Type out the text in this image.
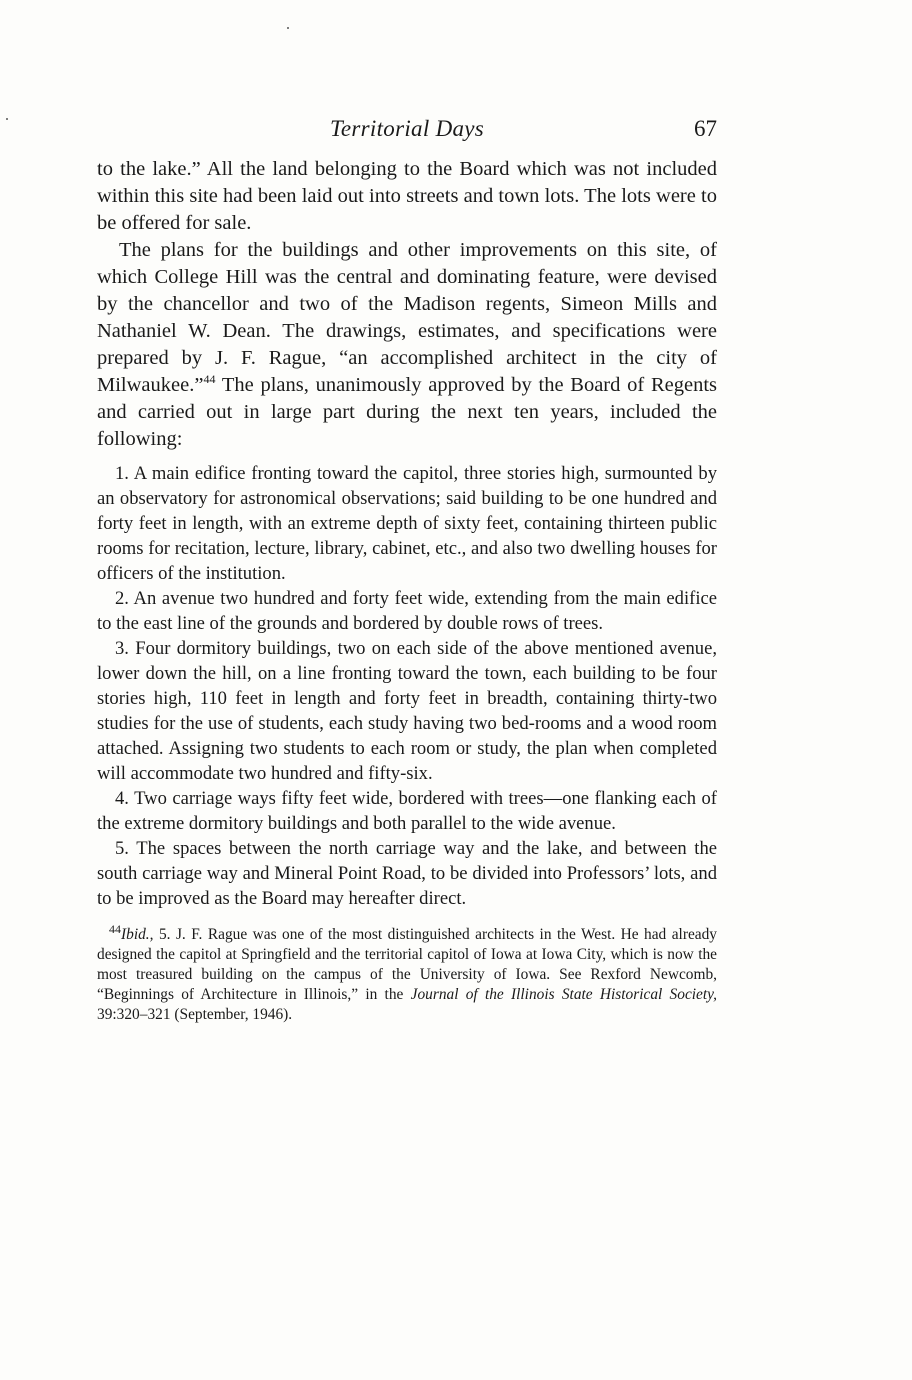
Territorial Days	67

to the lake.” All the land belonging to the Board which was not included within this site had been laid out into streets and town lots. The lots were to be offered for sale.

The plans for the buildings and other improvements on this site, of which College Hill was the central and dominating feature, were devised by the chancellor and two of the Madison regents, Simeon Mills and Nathaniel W. Dean. The drawings, estimates, and specifications were prepared by J. F. Rague, “an accomplished architect in the city of Milwaukee.”$^{44}$ The plans, unanimously approved by the Board of Regents and carried out in large part during the next ten years, included the following:

1. A main edifice fronting toward the capitol, three stories high, surmounted by an observatory for astronomical observations; said building to be one hundred and forty feet in length, with an extreme depth of sixty feet, containing thirteen public rooms for recitation, lecture, library, cabinet, etc., and also two dwelling houses for officers of the institution.

2. An avenue two hundred and forty feet wide, extending from the main edifice to the east line of the grounds and bordered by double rows of trees.

3. Four dormitory buildings, two on each side of the above mentioned avenue, lower down the hill, on a line fronting toward the town, each building to be four stories high, 110 feet in length and forty feet in breadth, containing thirty-two studies for the use of students, each study having two bed-rooms and a wood room attached. Assigning two students to each room or study, the plan when completed will accommodate two hundred and fifty-six.

4. Two carriage ways fifty feet wide, bordered with trees—one flanking each of the extreme dormitory buildings and both parallel to the wide avenue.

5. The spaces between the north carriage way and the lake, and between the south carriage way and Mineral Point Road, to be divided into Professors’ lots, and to be improved as the Board may hereafter direct.

$^{44}$Ibid., 5. J. F. Rague was one of the most distinguished architects in the West. He had already designed the capitol at Springfield and the territorial capitol of Iowa at Iowa City, which is now the most treasured building on the campus of the University of Iowa. See Rexford Newcomb, “Beginnings of Architecture in Illinois,” in the Journal of the Illinois State Historical Society, 39:320–321 (September, 1946).
